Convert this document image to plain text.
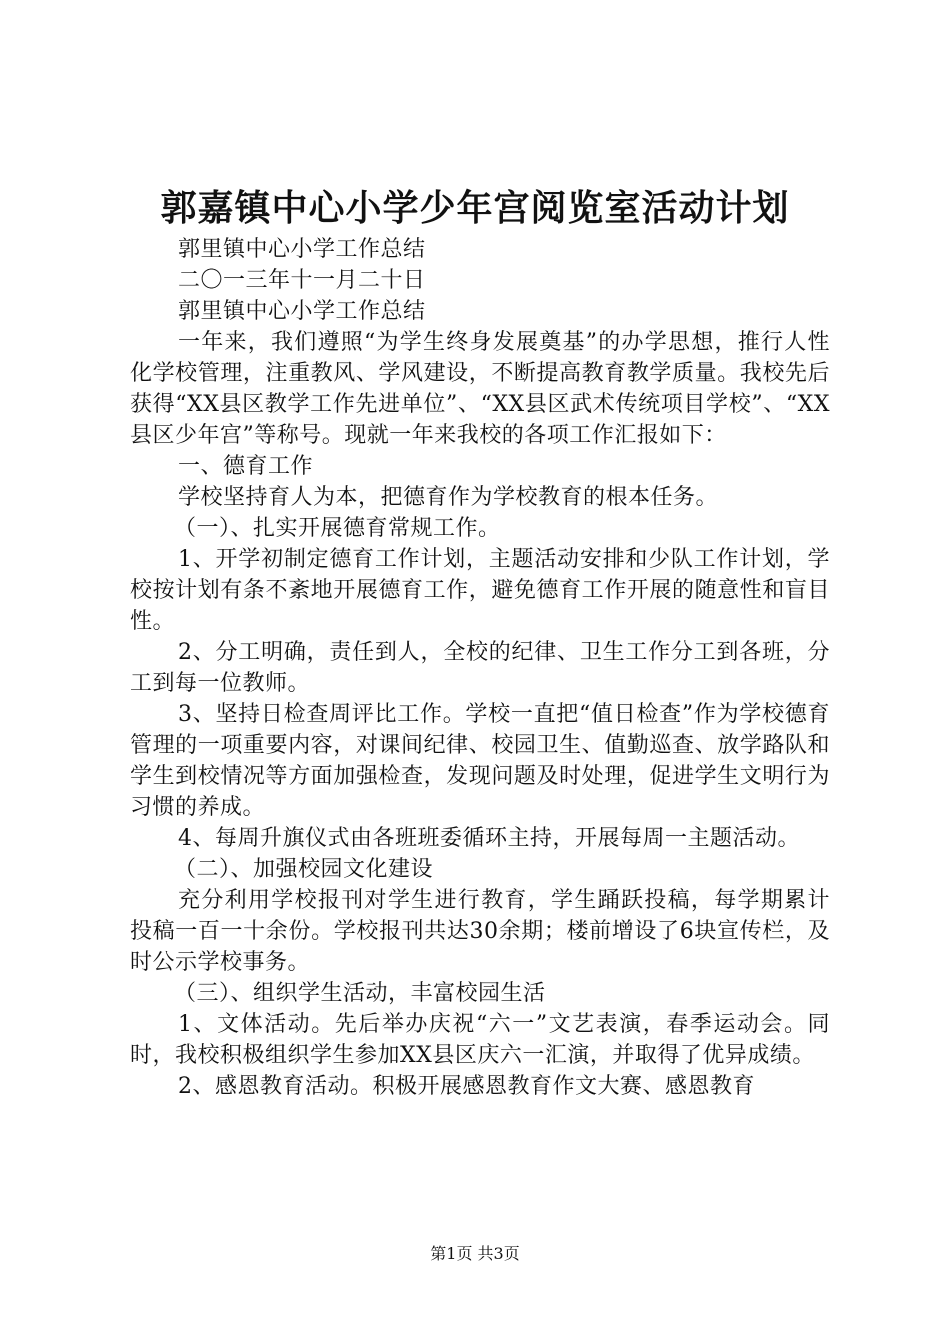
郭嘉镇中心小学少年宫阅览室活动计划

郭里镇中心小学工作总结

二〇一三年十一月二十日

郭里镇中心小学工作总结

一年来，我们遵照“为学生终身发展奠基”的办学思想，推行人性化学校管理，注重教风、学风建设，不断提高教育教学质量。我校先后获得“XX县区教学工作先进单位”、“XX县区武术传统项目学校”、“XX县区少年宫”等称号。现就一年来我校的各项工作汇报如下：

一、德育工作

学校坚持育人为本，把德育作为学校教育的根本任务。

（一）、扎实开展德育常规工作。

1、开学初制定德育工作计划，主题活动安排和少队工作计划，学校按计划有条不紊地开展德育工作，避免德育工作开展的随意性和盲目性。

2、分工明确，责任到人，全校的纪律、卫生工作分工到各班，分工到每一位教师。

3、坚持日检查周评比工作。学校一直把“值日检查”作为学校德育管理的一项重要内容，对课间纪律、校园卫生、值勤巡查、放学路队和学生到校情况等方面加强检查，发现问题及时处理，促进学生文明行为习惯的养成。

4、每周升旗仪式由各班班委循环主持，开展每周一主题活动。

（二）、加强校园文化建设

充分利用学校报刊对学生进行教育，学生踊跃投稿，每学期累计投稿一百一十余份。学校报刊共达30余期；楼前增设了6块宣传栏，及时公示学校事务。

（三）、组织学生活动，丰富校园生活

1、文体活动。先后举办庆祝“六一”文艺表演，春季运动会。同时，我校积极组织学生参加XX县区庆六一汇演，并取得了优异成绩。

2、感恩教育活动。积极开展感恩教育作文大赛、感恩教育

第1页 共3页
